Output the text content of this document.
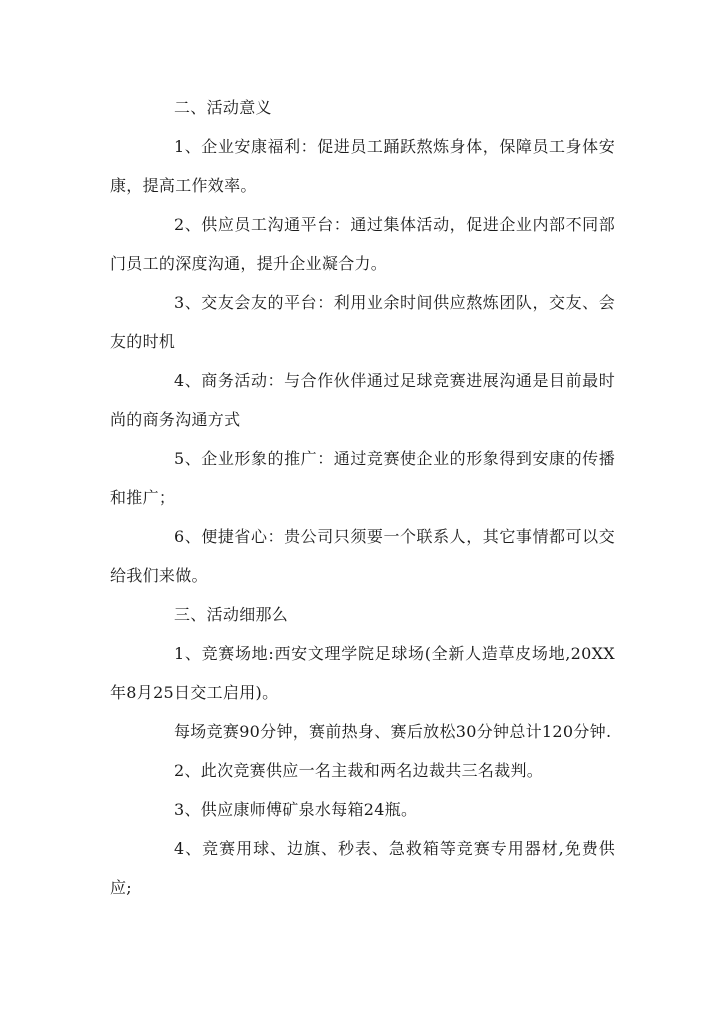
二、活动意义

1、企业安康福利：促进员工踊跃熬炼身体，保障员工身体安康，提高工作效率。

2、供应员工沟通平台：通过集体活动，促进企业内部不同部门员工的深度沟通，提升企业凝合力。

3、交友会友的平台：利用业余时间供应熬炼团队，交友、会友的时机

4、商务活动：与合作伙伴通过足球竞赛进展沟通是目前最时尚的商务沟通方式

5、企业形象的推广：通过竞赛使企业的形象得到安康的传播和推广；

6、便捷省心：贵公司只须要一个联系人，其它事情都可以交给我们来做。

三、活动细那么

1、竞赛场地:西安文理学院足球场(全新人造草皮场地,20XX年8月25日交工启用)。

每场竞赛90分钟，赛前热身、赛后放松30分钟总计120分钟.

2、此次竞赛供应一名主裁和两名边裁共三名裁判。

3、供应康师傅矿泉水每箱24瓶。

4、竞赛用球、边旗、秒表、急救箱等竞赛专用器材,免费供应;
